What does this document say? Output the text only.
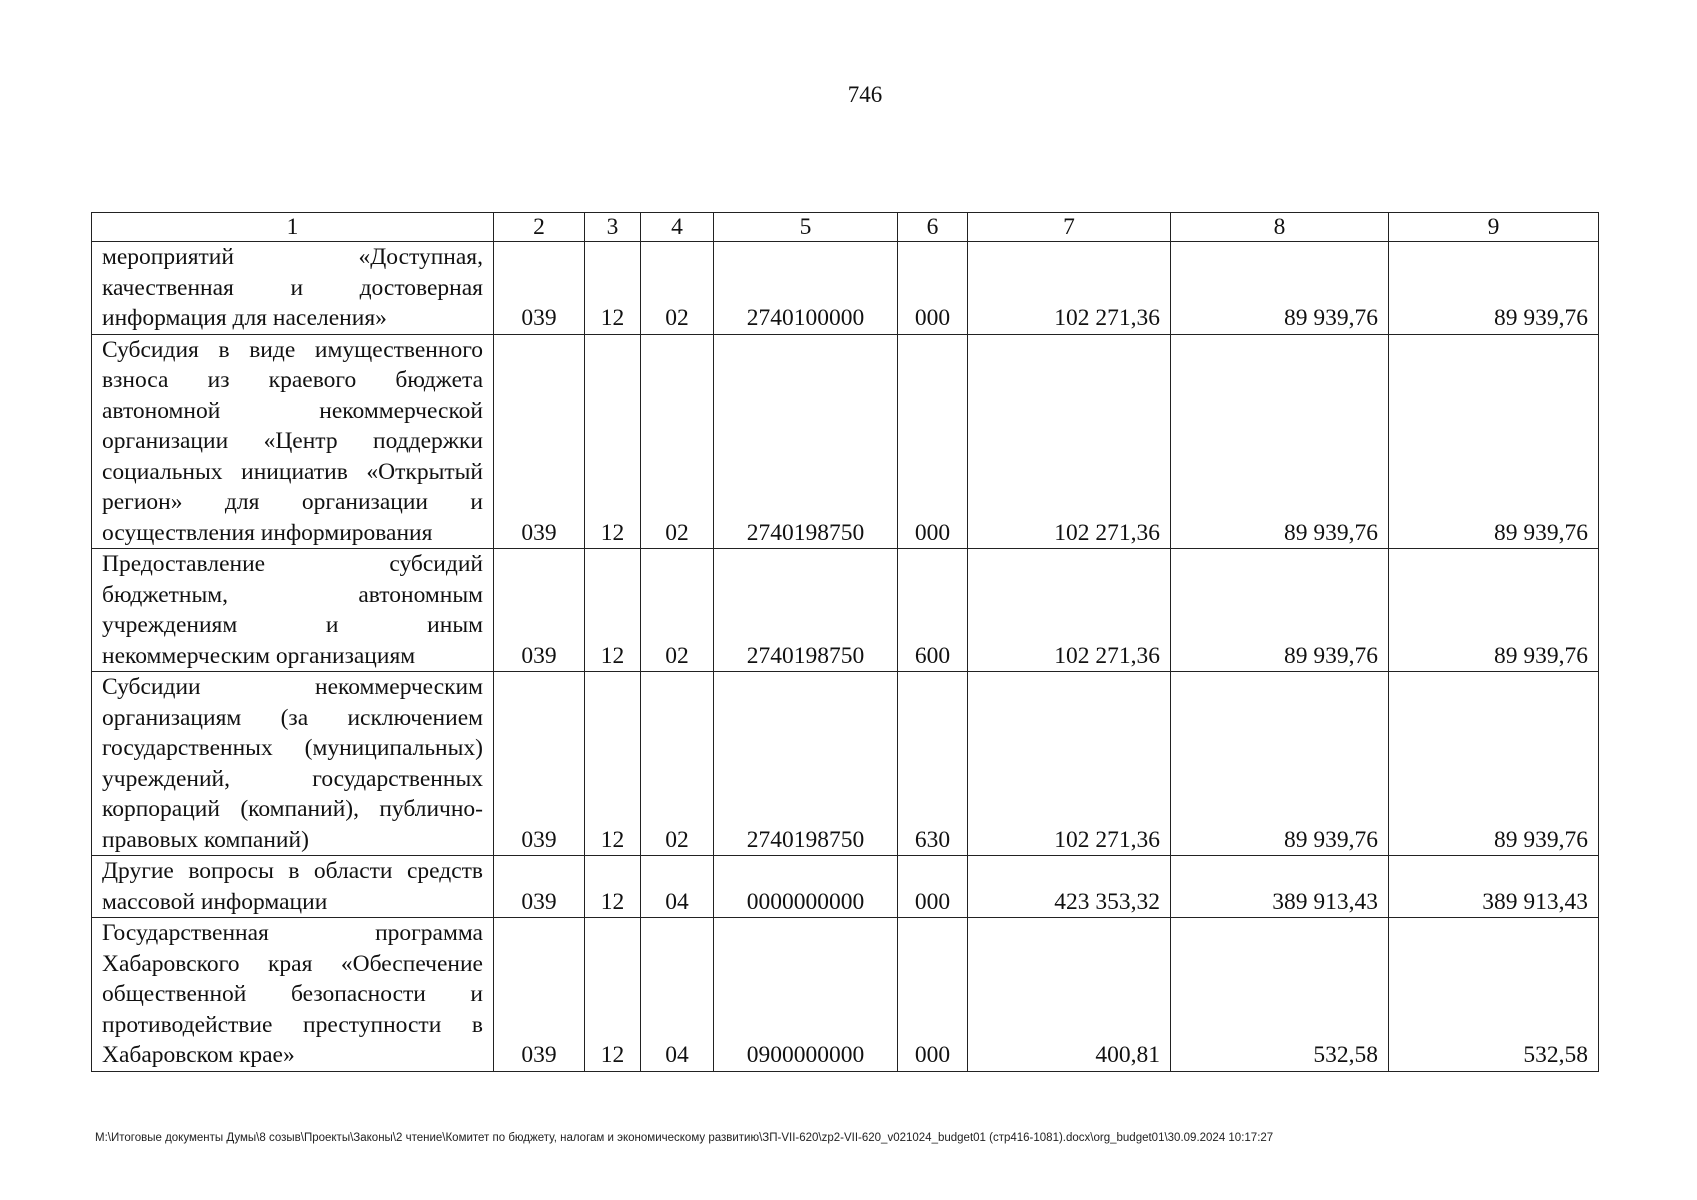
746
1	2	3	4	5	6	7	8	9
мероприятий «Доступная, качественная и достоверная информация для населения»	039	12	02	2740100000	000	102 271,36	89 939,76	89 939,76
Субсидия в виде имущественного взноса из краевого бюджета автономной некоммерческой организации «Центр поддержки социальных инициатив «Открытый регион» для организации и осуществления информирования	039	12	02	2740198750	000	102 271,36	89 939,76	89 939,76
Предоставление субсидий бюджетным, автономным учреждениям и иным некоммерческим организациям	039	12	02	2740198750	600	102 271,36	89 939,76	89 939,76
Субсидии некоммерческим организациям (за исключением государственных (муниципальных) учреждений, государственных корпораций (компаний), публично-правовых компаний)	039	12	02	2740198750	630	102 271,36	89 939,76	89 939,76
Другие вопросы в области средств массовой информации	039	12	04	0000000000	000	423 353,32	389 913,43	389 913,43
Государственная программа Хабаровского края «Обеспечение общественной безопасности и противодействие преступности в Хабаровском крае»	039	12	04	0900000000	000	400,81	532,58	532,58
M:\Итоговые документы Думы\8 созыв\Проекты\Законы\2 чтение\Комитет по бюджету, налогам и экономическому развитию\ЗП-VII-620\zp2-VII-620_v021024_budget01 (стр416-1081).docx\org_budget01\30.09.2024 10:17:27
